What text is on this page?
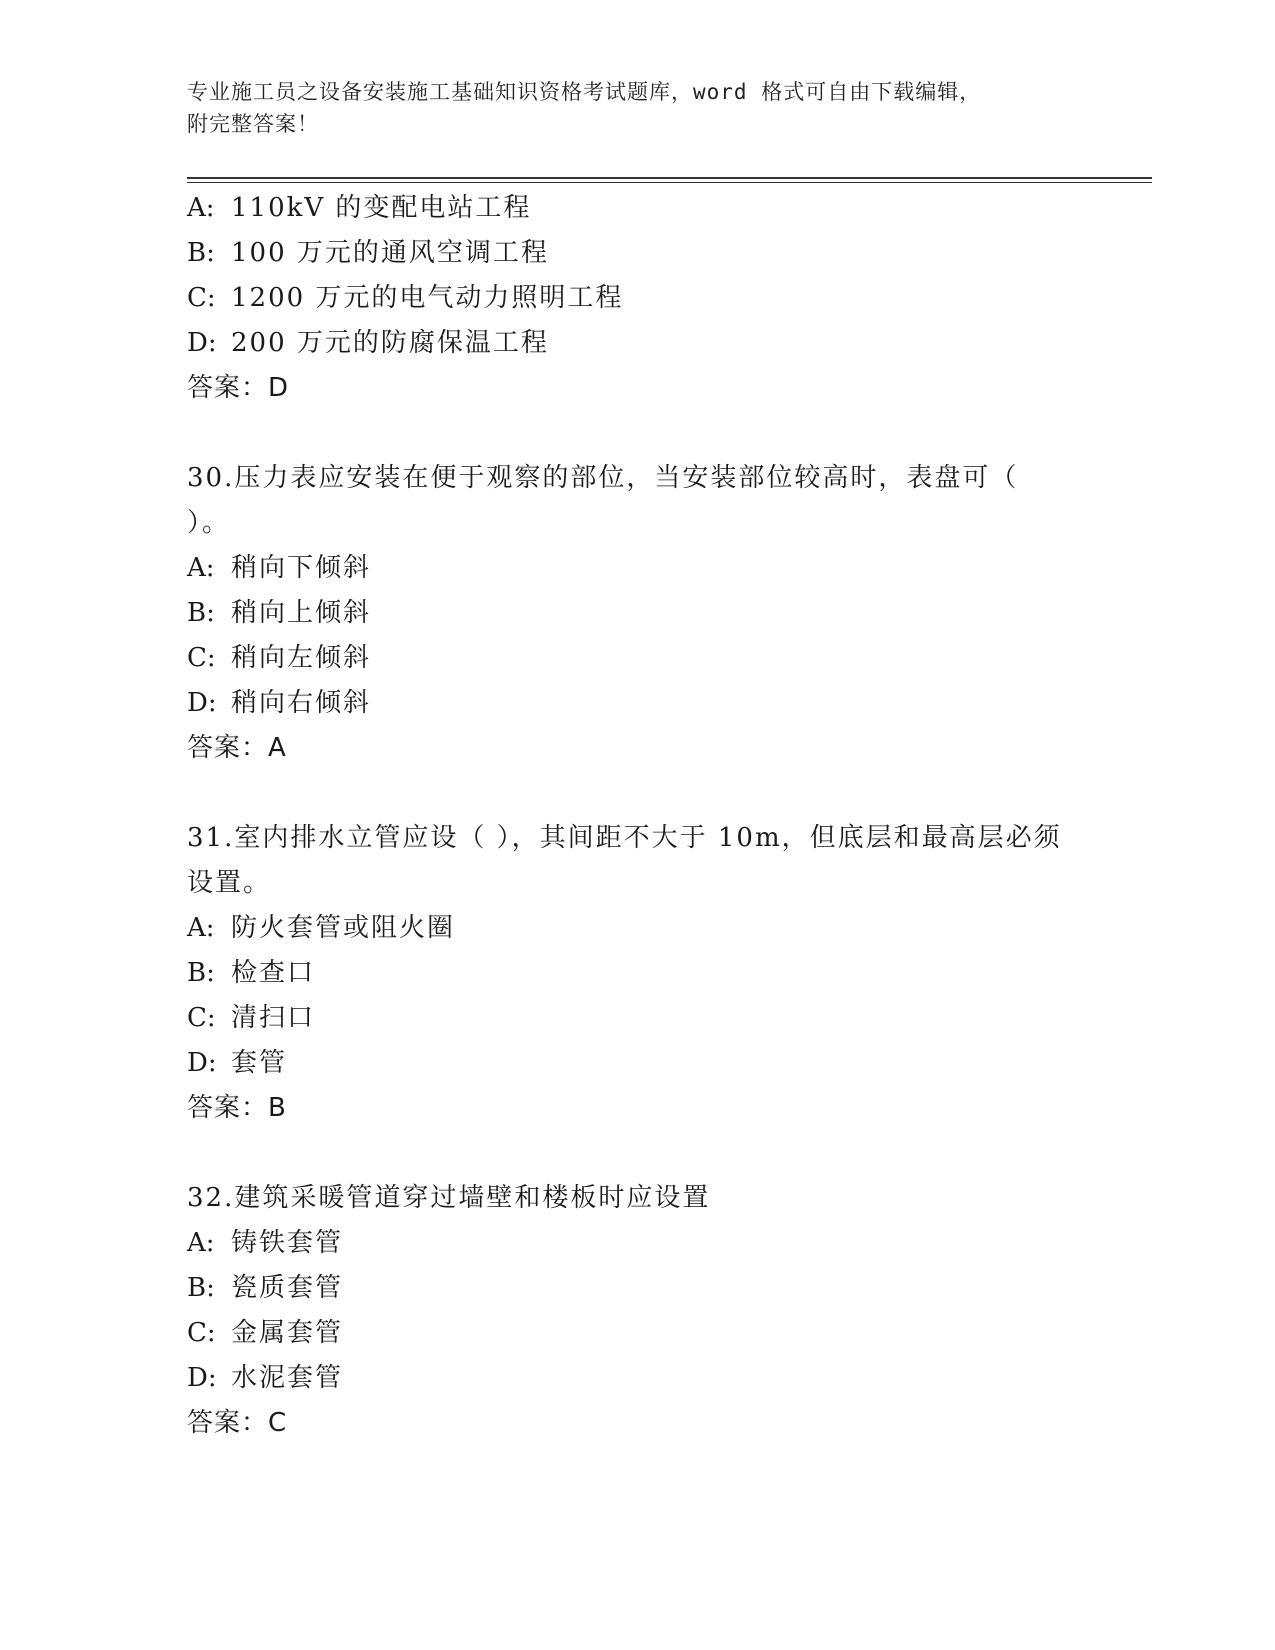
专业施工员之设备安装施工基础知识资格考试题库，word 格式可自由下载编辑，
附完整答案！
A: 110kV 的变配电站工程
B: 100 万元的通风空调工程
C: 1200 万元的电气动力照明工程
D: 200 万元的防腐保温工程
答案：D
30.压力表应安装在便于观察的部位，当安装部位较高时，表盘可（
）。
A: 稍向下倾斜
B: 稍向上倾斜
C: 稍向左倾斜
D: 稍向右倾斜
答案：A
31.室内排水立管应设（ ），其间距不大于 10m，但底层和最高层必须
设置。
A: 防火套管或阻火圈
B: 检查口
C: 清扫口
D: 套管
答案：B
32.建筑采暖管道穿过墙壁和楼板时应设置
A: 铸铁套管
B: 瓷质套管
C: 金属套管
D: 水泥套管
答案：C
